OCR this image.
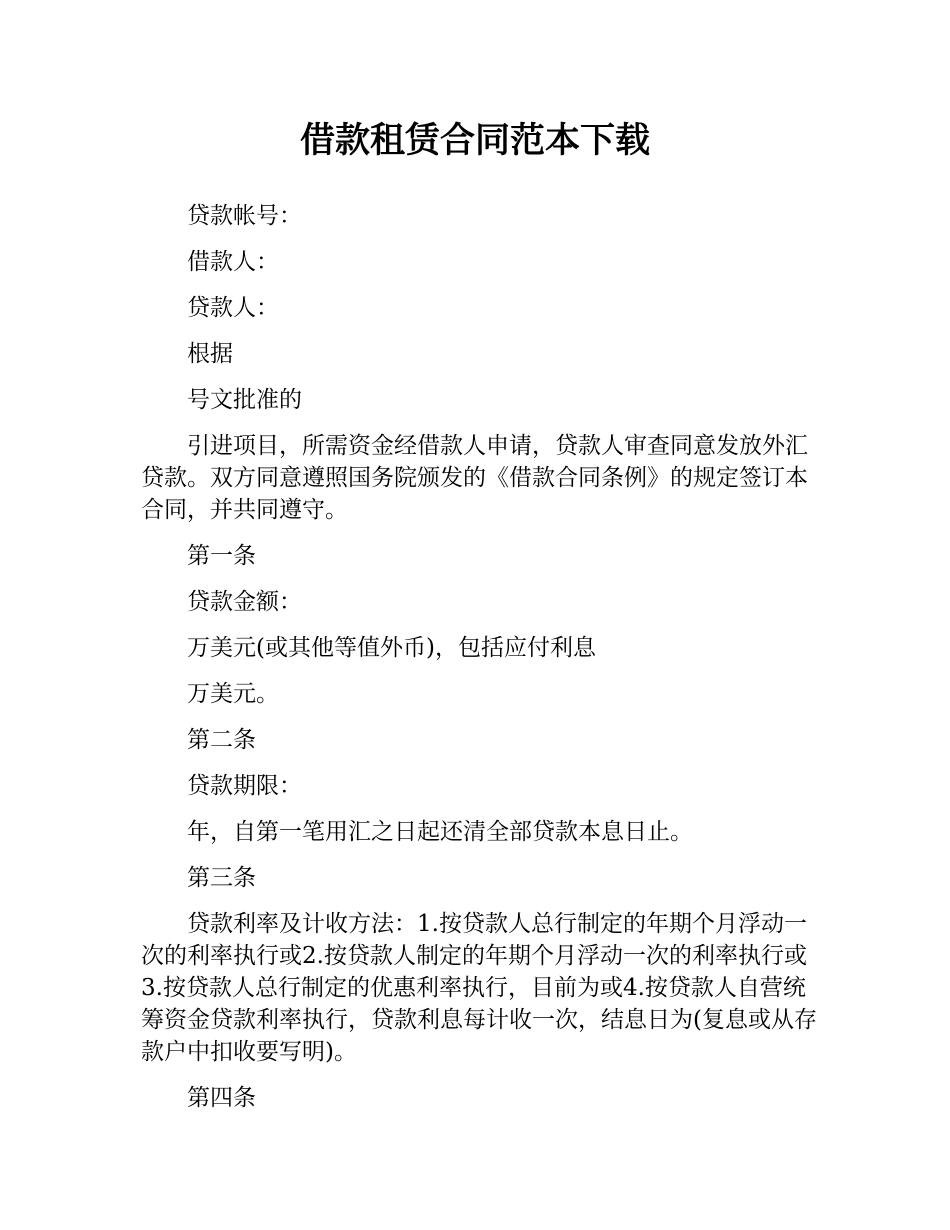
借款租赁合同范本下载

贷款帐号：

借款人：

贷款人：

根据

号文批准的

引进项目，所需资金经借款人申请，贷款人审查同意发放外汇贷款。双方同意遵照国务院颁发的《借款合同条例》的规定签订本合同，并共同遵守。

第一条

贷款金额：

万美元(或其他等值外币)，包括应付利息

万美元。

第二条

贷款期限：

年，自第一笔用汇之日起还清全部贷款本息日止。

第三条

贷款利率及计收方法：1.按贷款人总行制定的年期个月浮动一次的利率执行或2.按贷款人制定的年期个月浮动一次的利率执行或3.按贷款人总行制定的优惠利率执行，目前为或4.按贷款人自营统筹资金贷款利率执行，贷款利息每计收一次，结息日为(复息或从存款户中扣收要写明)。

第四条
